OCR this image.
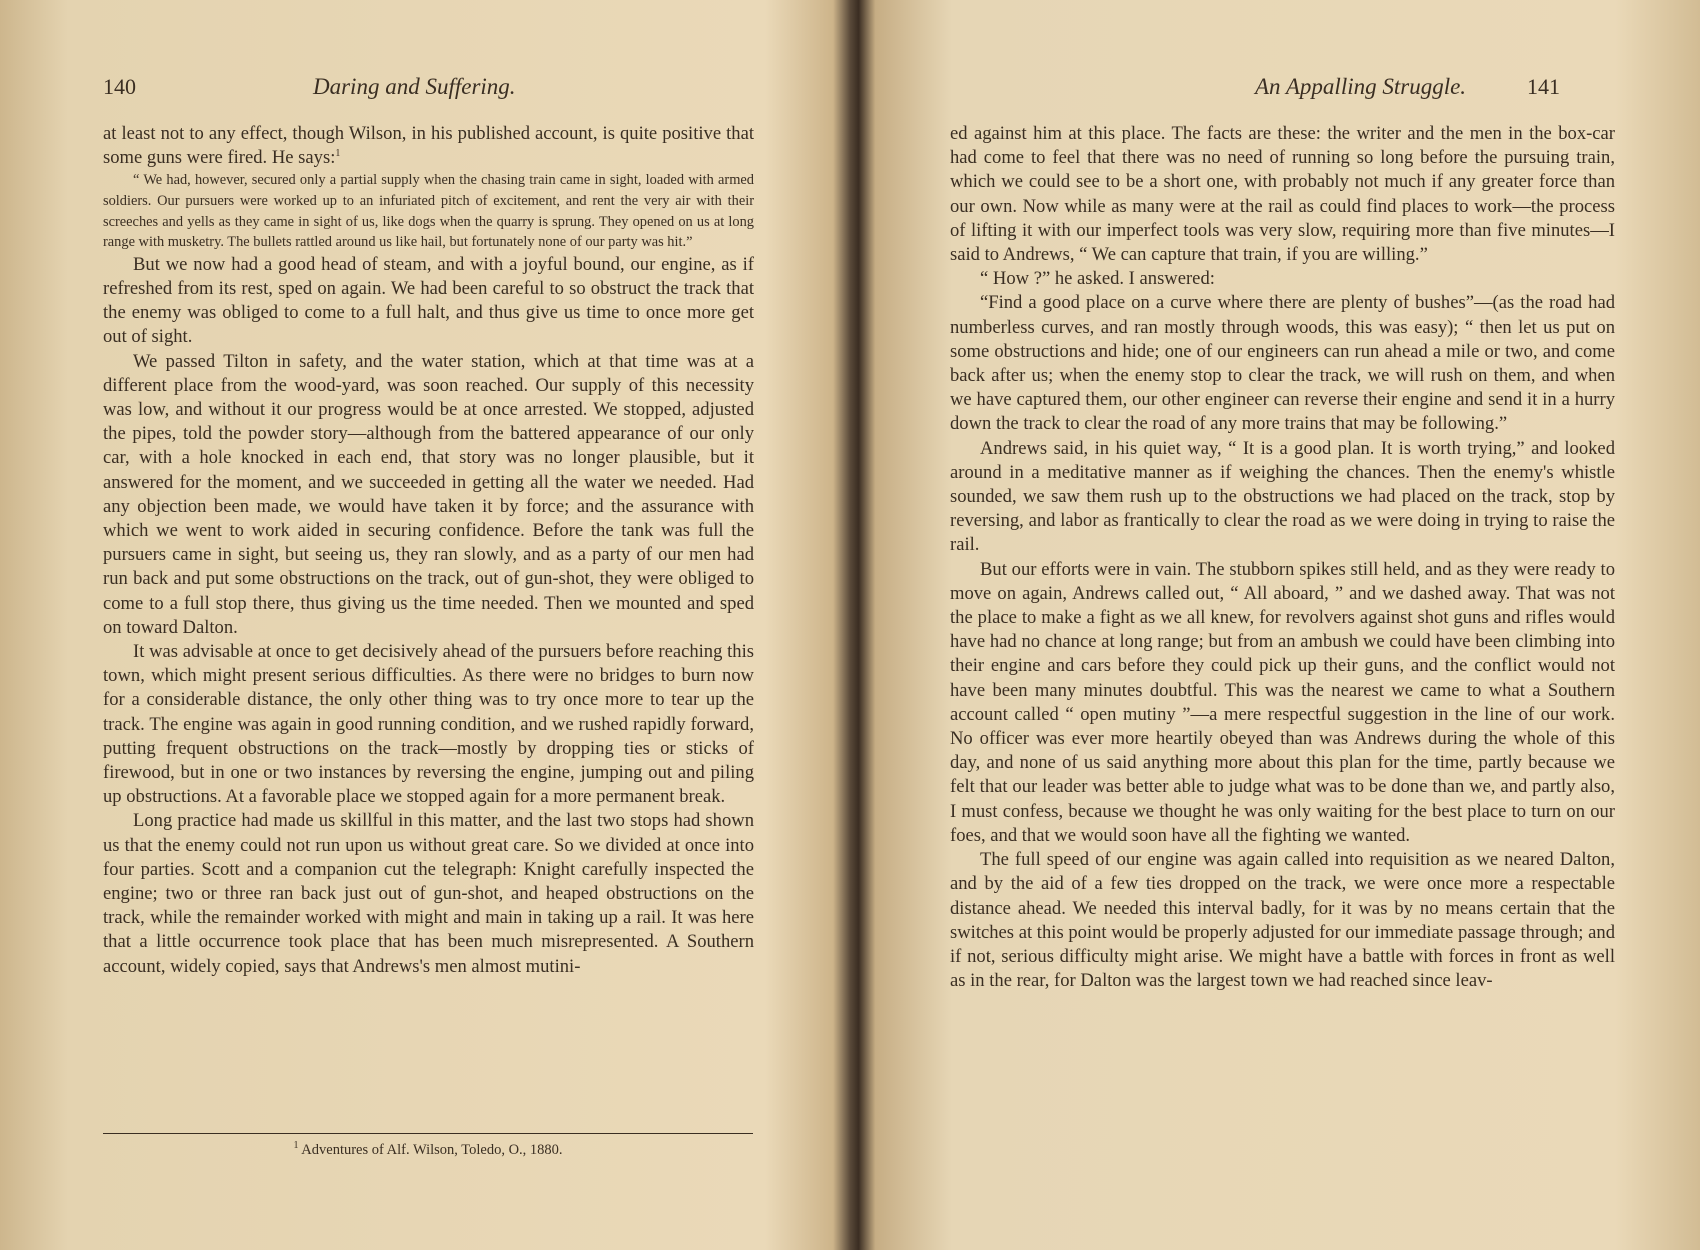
140	Daring and Suffering.

at least not to any effect, though Wilson, in his published account, is quite positive that some guns were fired. He says:$^1$

“ We had, however, secured only a partial supply when the chasing train came in sight, loaded with armed soldiers. Our pursuers were worked up to an infuriated pitch of excitement, and rent the very air with their screeches and yells as they came in sight of us, like dogs when the quarry is sprung. They opened on us at long range with musketry. The bullets rattled around us like hail, but fortunately none of our party was hit.”

But we now had a good head of steam, and with a joyful bound, our engine, as if refreshed from its rest, sped on again. We had been careful to so obstruct the track that the enemy was obliged to come to a full halt, and thus give us time to once more get out of sight.

We passed Tilton in safety, and the water station, which at that time was at a different place from the wood-yard, was soon reached. Our supply of this necessity was low, and without it our progress would be at once arrested. We stopped, adjusted the pipes, told the powder story—although from the battered appearance of our only car, with a hole knocked in each end, that story was no longer plausible, but it answered for the moment, and we succeeded in getting all the water we needed. Had any objection been made, we would have taken it by force; and the assurance with which we went to work aided in securing confidence. Before the tank was full the pursuers came in sight, but seeing us, they ran slowly, and as a party of our men had run back and put some obstructions on the track, out of gun-shot, they were obliged to come to a full stop there, thus giving us the time needed. Then we mounted and sped on toward Dalton.

It was advisable at once to get decisively ahead of the pursuers before reaching this town, which might present serious difficulties. As there were no bridges to burn now for a considerable distance, the only other thing was to try once more to tear up the track. The engine was again in good running condition, and we rushed rapidly forward, putting frequent obstructions on the track—mostly by dropping ties or sticks of firewood, but in one or two instances by reversing the engine, jumping out and piling up obstructions. At a favorable place we stopped again for a more permanent break.

Long practice had made us skillful in this matter, and the last two stops had shown us that the enemy could not run upon us without great care. So we divided at once into four parties. Scott and a companion cut the telegraph: Knight carefully inspected the engine; two or three ran back just out of gun-shot, and heaped obstructions on the track, while the remainder worked with might and main in taking up a rail. It was here that a little occurrence took place that has been much misrepresented. A Southern account, widely copied, says that Andrews's men almost mutini-

$^1$ Adventures of Alf. Wilson, Toledo, O., 1880.
An Appalling Struggle.	141

ed against him at this place. The facts are these: the writer and the men in the box-car had come to feel that there was no need of running so long before the pursuing train, which we could see to be a short one, with probably not much if any greater force than our own. Now while as many were at the rail as could find places to work—the process of lifting it with our imperfect tools was very slow, requiring more than five minutes—I said to Andrews, “ We can capture that train, if you are willing.”

“ How ?” he asked. I answered:

“Find a good place on a curve where there are plenty of bushes”—(as the road had numberless curves, and ran mostly through woods, this was easy); “ then let us put on some obstructions and hide; one of our engineers can run ahead a mile or two, and come back after us; when the enemy stop to clear the track, we will rush on them, and when we have captured them, our other engineer can reverse their engine and send it in a hurry down the track to clear the road of any more trains that may be following.”

Andrews said, in his quiet way, “ It is a good plan. It is worth trying,” and looked around in a meditative manner as if weighing the chances. Then the enemy's whistle sounded, we saw them rush up to the obstructions we had placed on the track, stop by reversing, and labor as frantically to clear the road as we were doing in trying to raise the rail.

But our efforts were in vain. The stubborn spikes still held, and as they were ready to move on again, Andrews called out, “ All aboard, ” and we dashed away. That was not the place to make a fight as we all knew, for revolvers against shot guns and rifles would have had no chance at long range; but from an ambush we could have been climbing into their engine and cars before they could pick up their guns, and the conflict would not have been many minutes doubtful. This was the nearest we came to what a Southern account called “ open mutiny ”—a mere respectful suggestion in the line of our work. No officer was ever more heartily obeyed than was Andrews during the whole of this day, and none of us said anything more about this plan for the time, partly because we felt that our leader was better able to judge what was to be done than we, and partly also, I must confess, because we thought he was only waiting for the best place to turn on our foes, and that we would soon have all the fighting we wanted.

The full speed of our engine was again called into requisition as we neared Dalton, and by the aid of a few ties dropped on the track, we were once more a respectable distance ahead. We needed this interval badly, for it was by no means certain that the switches at this point would be properly adjusted for our immediate passage through; and if not, serious difficulty might arise. We might have a battle with forces in front as well as in the rear, for Dalton was the largest town we had reached since leav-
